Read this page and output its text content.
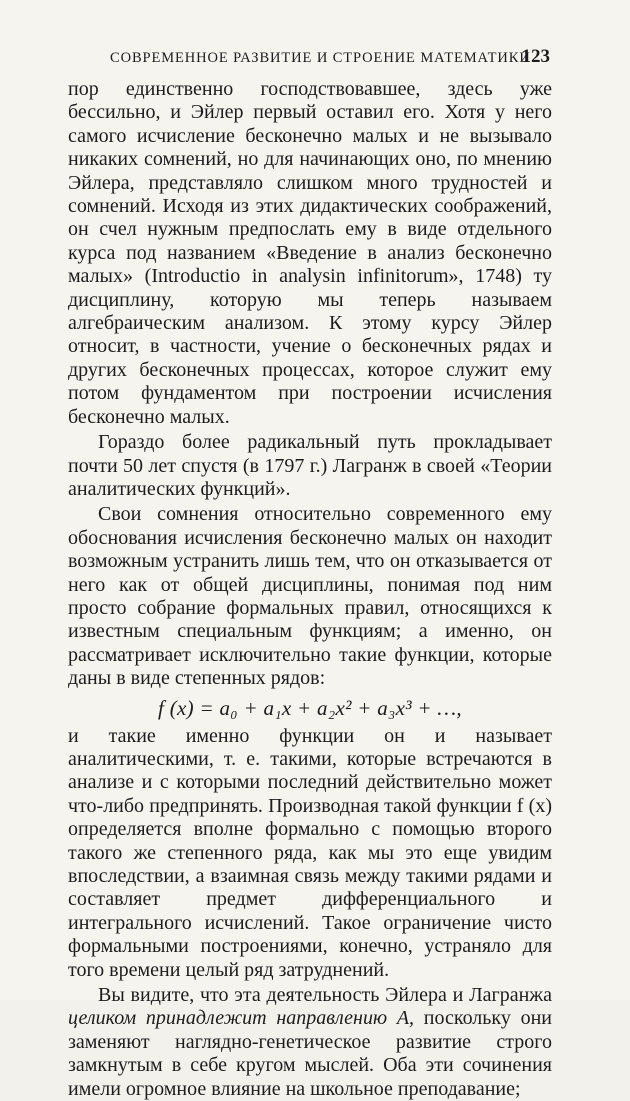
СОВРЕМЕННОЕ РАЗВИТИЕ И СТРОЕНИЕ МАТЕМАТИКИ
123

пор единственно господствовавшее, здесь уже бессильно, и Эйлер первый оставил его. Хотя у него самого исчисление бесконечно малых и не вызывало никаких сомнений, но для начинающих оно, по мнению Эйлера, представляло слишком много трудностей и сомнений. Исходя из этих дидактических соображений, он счел нужным предпослать ему в виде отдельного курса под названием «Введение в анализ бесконечно малых» (Introductio in analysin infinitorum», 1748) ту дисциплину, которую мы теперь называем алгебраическим анализом. К этому курсу Эйлер относит, в частности, учение о бесконечных рядах и других бесконечных процессах, которое служит ему потом фундаментом при построении исчисления бесконечно малых.

Гораздо более радикальный путь прокладывает почти 50 лет спустя (в 1797 г.) Лагранж в своей «Теории аналитических функций».

Свои сомнения относительно современного ему обоснования исчисления бесконечно малых он находит возможным устранить лишь тем, что он отказывается от него как от общей дисциплины, понимая под ним просто собрание формальных правил, относящихся к известным специальным функциям; а именно, он рассматривает исключительно такие функции, которые даны в виде степенных рядов:

f (x) = a₀ + a₁x + a₂x² + a₃x³ + …,

и такие именно функции он и называет аналитическими, т. е. такими, которые встречаются в анализе и с которыми последний действительно может что-либо предпринять. Производная такой функции f (x) определяется вполне формально с помощью второго такого же степенного ряда, как мы это еще увидим впоследствии, а взаимная связь между такими рядами и составляет предмет дифференциального и интегрального исчислений. Такое ограничение чисто формальными построениями, конечно, устраняло для того времени целый ряд затруднений.

Вы видите, что эта деятельность Эйлера и Лагранжа целиком принадлежит направлению А, поскольку они заменяют наглядно-генетическое развитие строго замкнутым в себе кругом мыслей. Оба эти сочинения имели огромное влияние на школьное преподавание;
